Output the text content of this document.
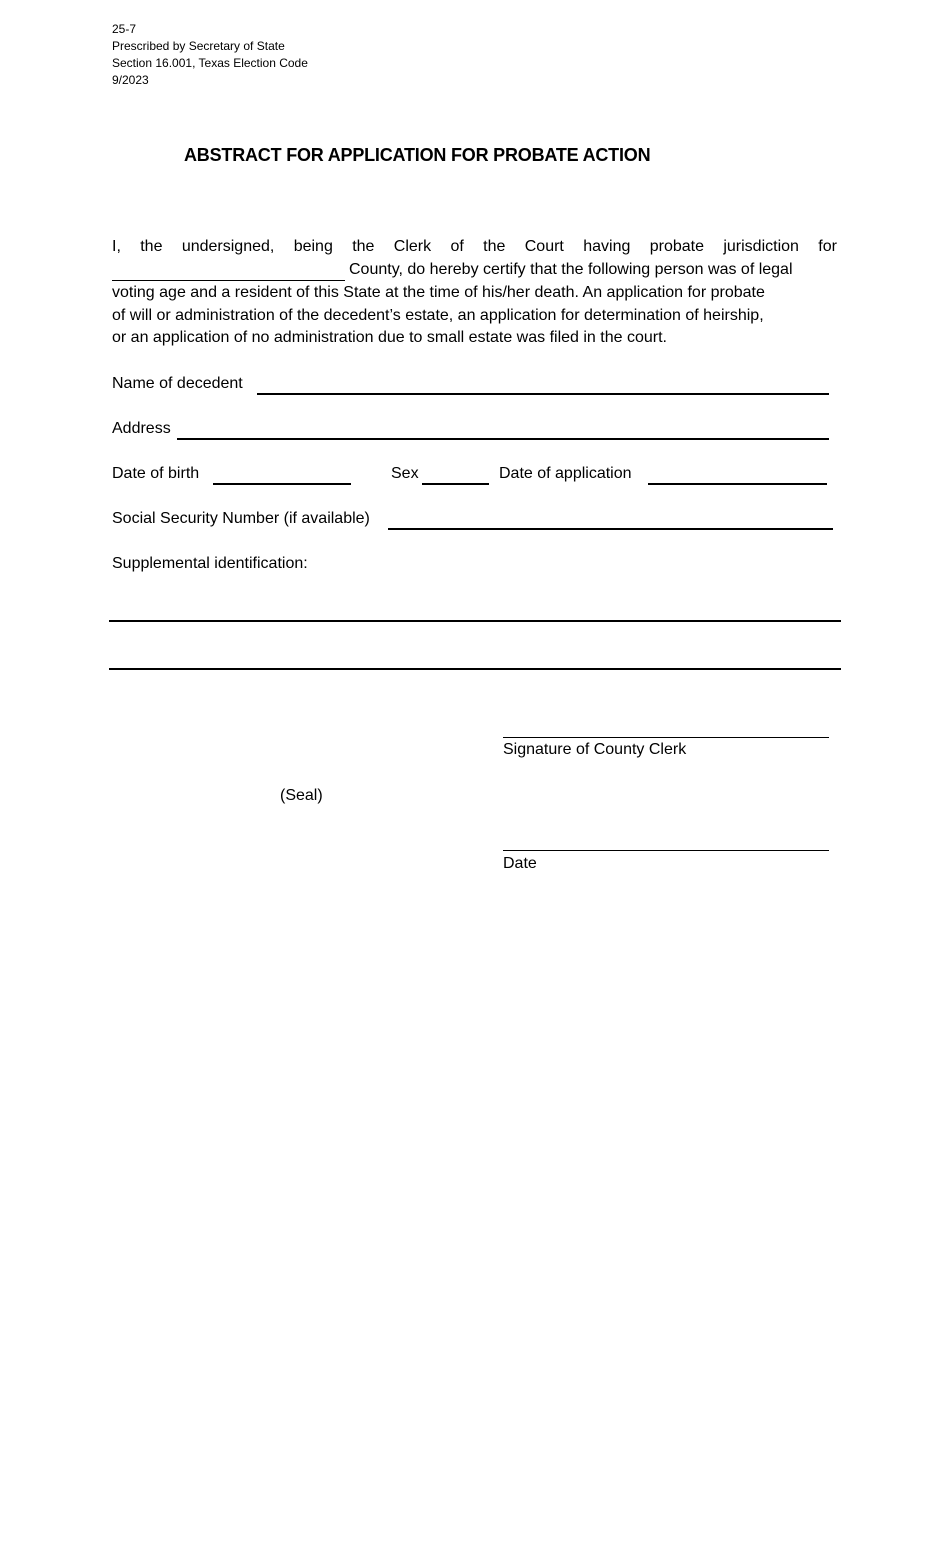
25-7
Prescribed by Secretary of State
Section 16.001, Texas Election Code
9/2023
ABSTRACT FOR APPLICATION FOR PROBATE ACTION
I, the undersigned, being the Clerk of the Court having probate jurisdiction for
County, do hereby certify that the following person was of legal
voting age and a resident of this State at the time of his/her death. An application for probate
of will or administration of the decedent’s estate, an application for determination of heirship,
or an application of no administration due to small estate was filed in the court.
Name of decedent
Address
Date of birth	Sex	Date of application
Social Security Number (if available)
Supplemental identification:
Signature of County Clerk
(Seal)
Date
